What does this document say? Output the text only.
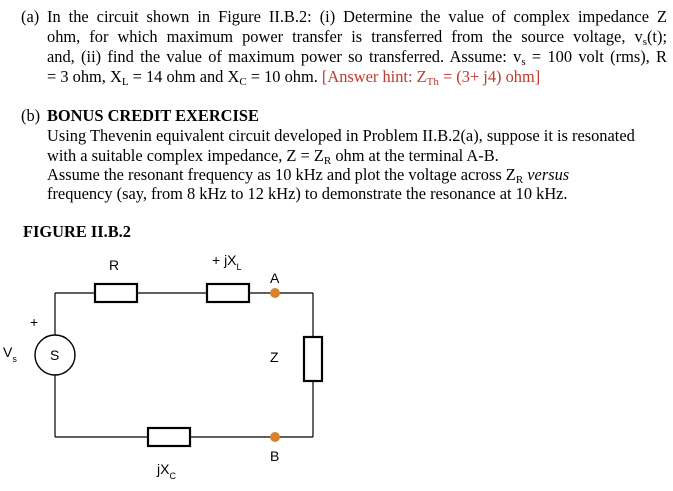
(a) In the circuit shown in Figure II.B.2: (i) Determine the value of complex impedance Z
ohm, for which maximum power transfer is transferred from the source voltage, $v_s(t)$;
and, (ii) find the value of maximum power so transferred. Assume: $v_s = 100$ volt (rms), R
= 3 ohm, $X_L = 14$ ohm and $X_C = 10$ ohm. [Answer hint: $Z_{Th} = (3+ j4)$ ohm]
(b) BONUS CREDIT EXERCISE
Using Thevenin equivalent circuit developed in Problem II.B.2(a), suppose it is resonated
with a suitable complex impedance, $Z = Z_R$ ohm at the terminal A-B.
Assume the resonant frequency as 10 kHz and plot the voltage across $Z_R$ versus
frequency (say, from 8 kHz to 12 kHz) to demonstrate the resonance at 10 kHz.
FIGURE II.B.2
R	+ $jX_L$
$V_s$
+
S
A
B
Z
$jX_C$
